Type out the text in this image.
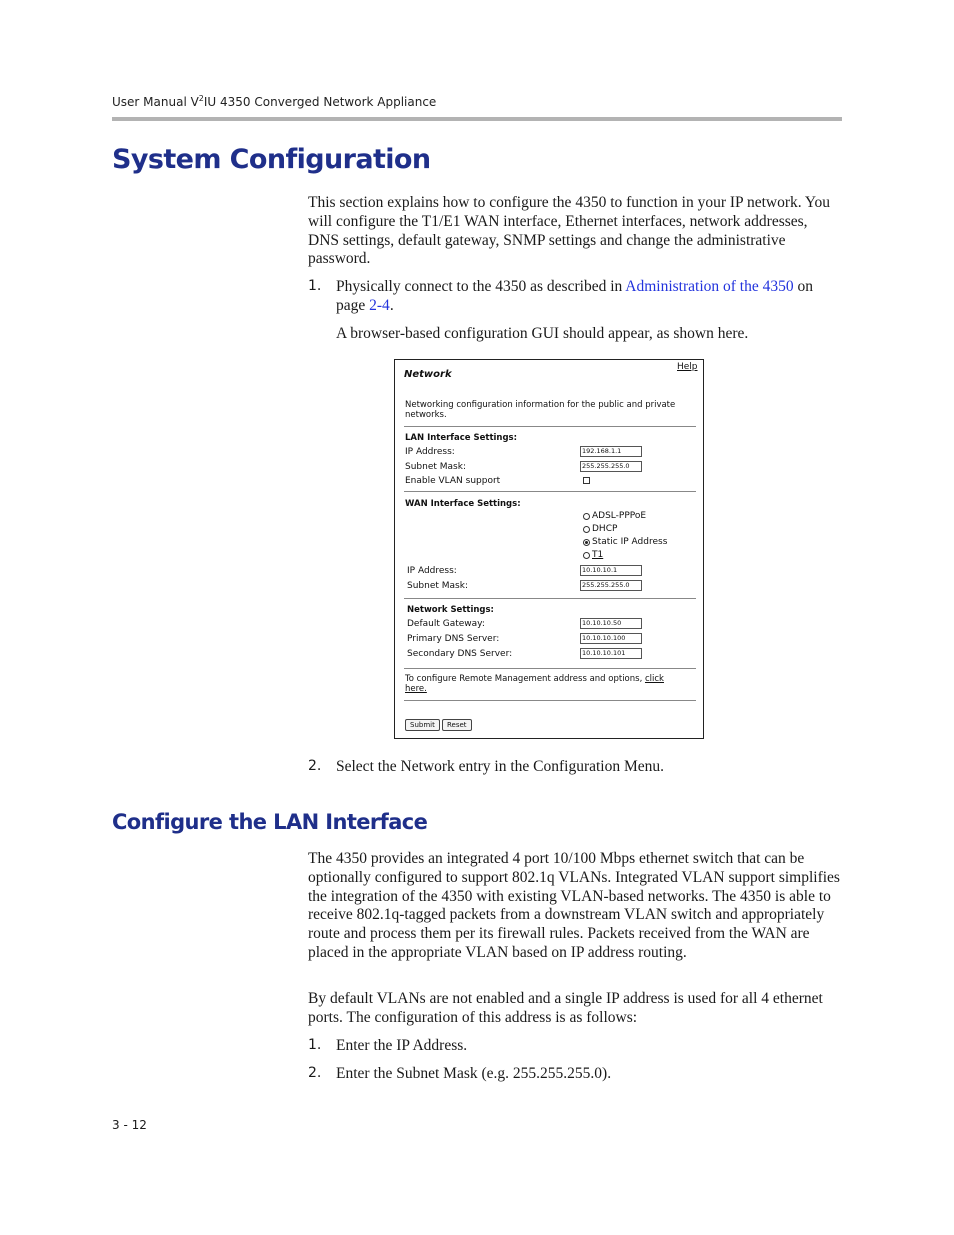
User Manual $V^2IU$ 4350 Converged Network Appliance
System Configuration

This section explains how to configure the 4350 to function in your IP network. You will configure the T1/E1 WAN interface, Ethernet interfaces, network addresses, DNS settings, default gateway, SNMP settings and change the administrative password.

1. Physically connect to the 4350 as described in Administration of the 4350 on page 2-4.

A browser-based configuration GUI should appear, as shown here.

Network
Help
Networking configuration information for the public and private networks.
LAN Interface Settings:
IP Address:	192.168.1.1
Subnet Mask:	255.255.255.0
Enable VLAN support
WAN Interface Settings:
ADSL-PPPoE
DHCP
Static IP Address
T1
IP Address:	10.10.10.1
Subnet Mask:	255.255.255.0
Network Settings:
Default Gateway:	10.10.10.50
Primary DNS Server:	10.10.10.100
Secondary DNS Server:	10.10.10.101
To configure Remote Management address and options, click
here.
Submit	Reset
2. Select the Network entry in the Configuration Menu.

Configure the LAN Interface

The 4350 provides an integrated 4 port 10/100 Mbps ethernet switch that can be optionally configured to support 802.1q VLANs. Integrated VLAN support simplifies the integration of the 4350 with existing VLAN-based networks. The 4350 is able to receive 802.1q-tagged packets from a downstream VLAN switch and appropriately route and process them per its firewall rules. Packets received from the WAN are placed in the appropriate VLAN based on IP address routing.

By default VLANs are not enabled and a single IP address is used for all 4 ethernet ports. The configuration of this address is as follows:

1. Enter the IP Address.

2. Enter the Subnet Mask (e.g. 255.255.255.0).

3 - 12
